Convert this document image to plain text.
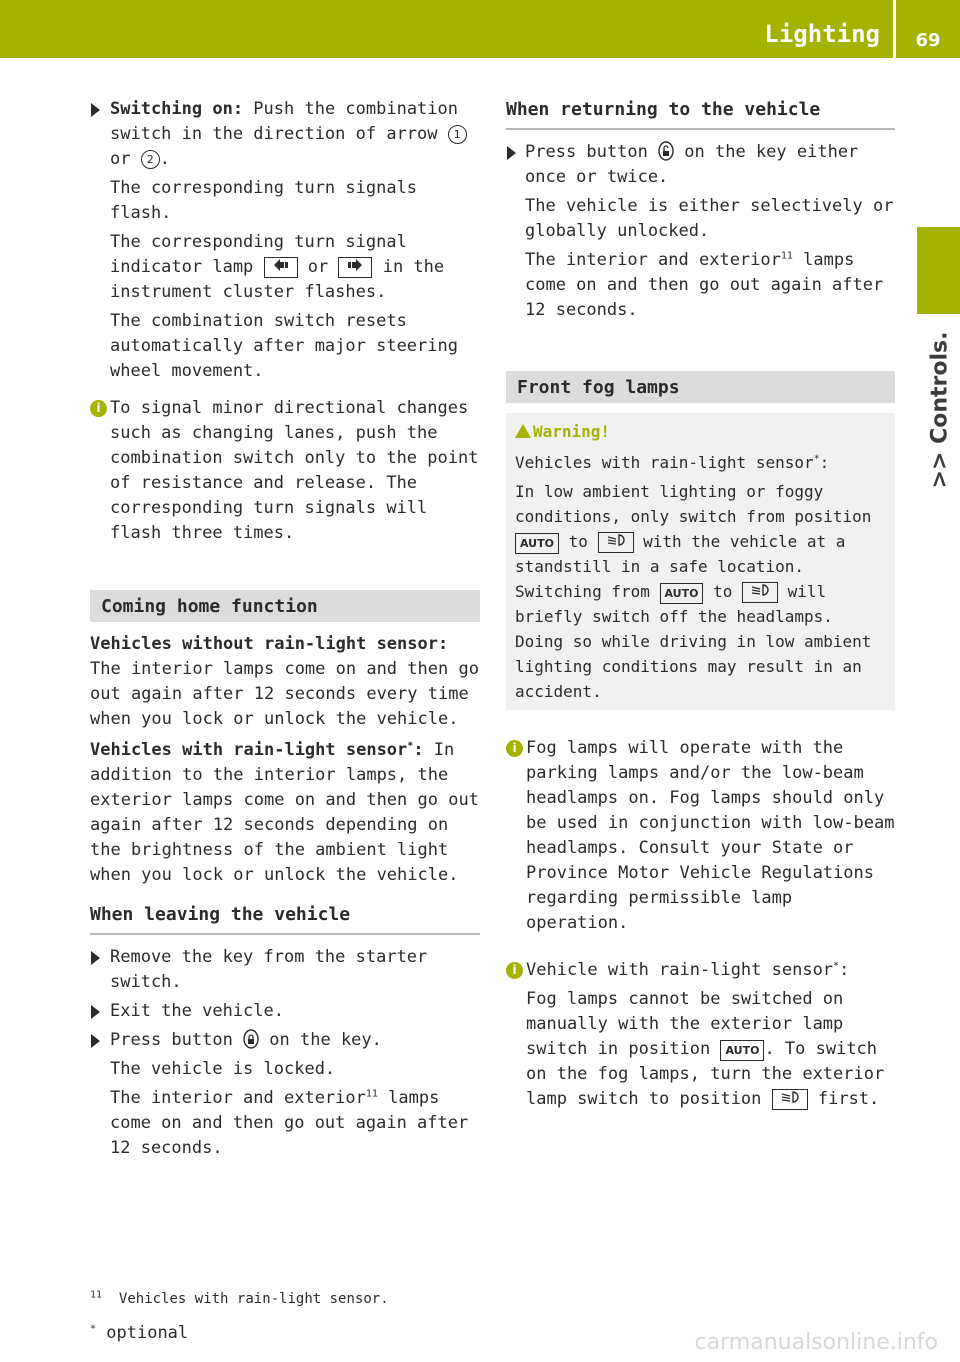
Lighting	69
>> Controls.
Switching on: Push the combination switch in the direction of arrow 1
or 2 .

The corresponding turn signals flash.

The corresponding turn signal indicator lamp  or  in the instrument cluster flashes.

The combination switch resets automatically after major steering wheel movement.

i To signal minor directional changes such as changing lanes, push the combination switch only to the point of resistance and release. The corresponding turn signals will flash three times.
Coming home function

Vehicles without rain-light sensor: The interior lamps come on and then go out again after 12 seconds every time when you lock or unlock the vehicle.

Vehicles with rain-light sensor*: In addition to the interior lamps, the exterior lamps come on and then go out again after 12 seconds depending on the brightness of the ambient light when you lock or unlock the vehicle.

When leaving the vehicle
Remove the key from the starter switch.
Exit the vehicle.
Press button  on the key.

The vehicle is locked.

The interior and exterior$^{11}$ lamps come on and then go out again after 12 seconds.

When returning to the vehicle
Press button  on the key either once or twice.

The vehicle is either selectively or globally unlocked.

The interior and exterior$^{11}$ lamps come on and then go out again after 12 seconds.

Front fog lamps
Warning!

Vehicles with rain-light sensor*:

In low ambient lighting or foggy conditions, only switch from position AUTO to  with the vehicle at a standstill in a safe location. Switching from AUTO to  will briefly switch off the headlamps. Doing so while driving in low ambient lighting conditions may result in an accident.

i Fog lamps will operate with the parking lamps and/or the low-beam headlamps on. Fog lamps should only be used in conjunction with low-beam headlamps. Consult your State or Province Motor Vehicle Regulations regarding permissible lamp operation.
i Vehicle with rain-light sensor*:

Fog lamps cannot be switched on manually with the exterior lamp switch in position AUTO . To switch on the fog lamps, turn the exterior lamp switch to position  first.

$^{11}$ Vehicles with rain-light sensor.
* optional	carmanualsonline.info
